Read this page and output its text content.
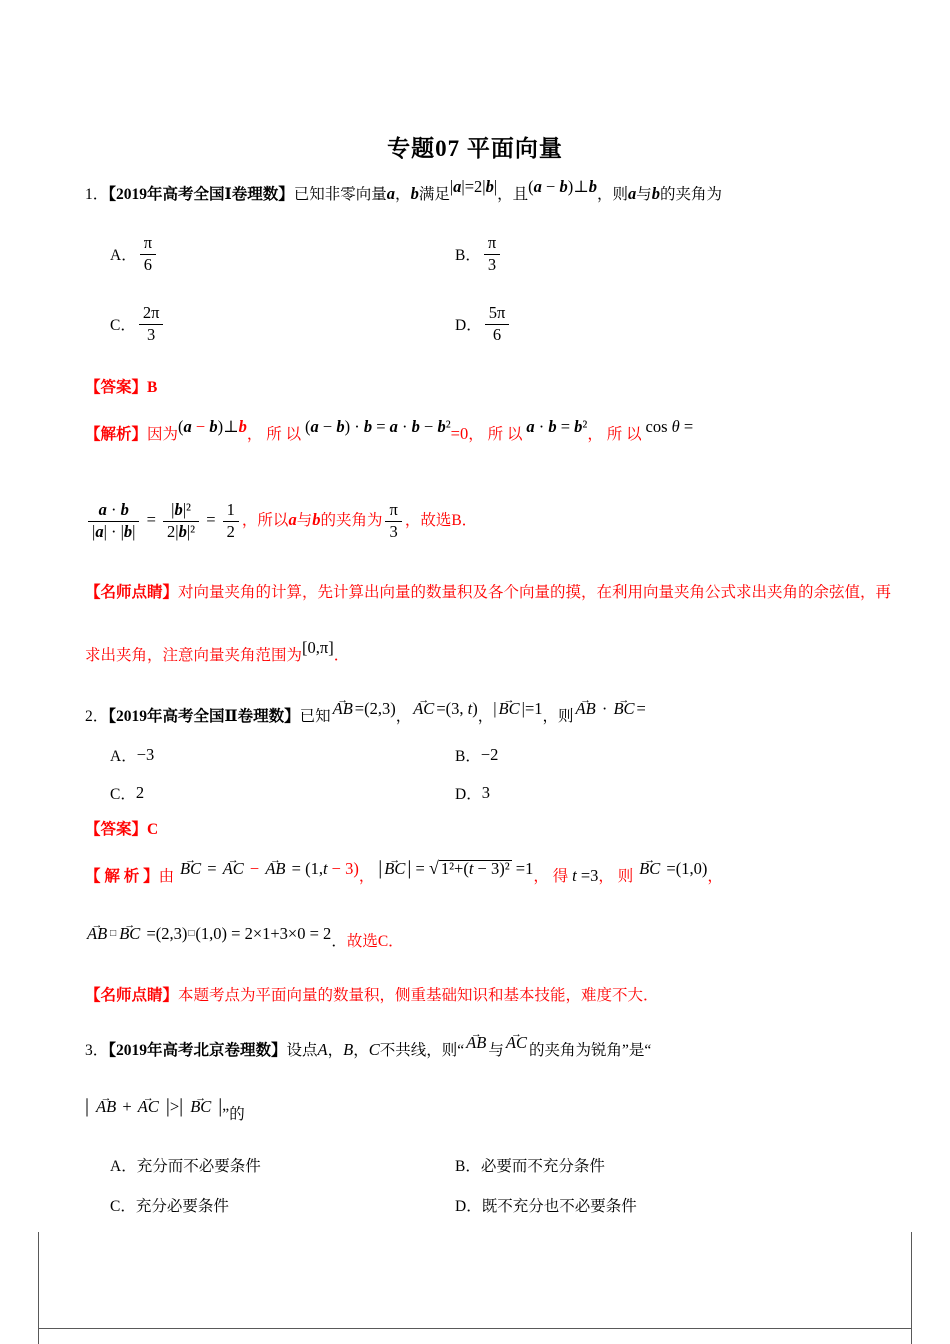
专题07 平面向量
1．【2019年高考全国Ⅰ卷理数】已知非零向量a，b满足|a|=2|b|，且(a − b)⊥b，则a与b的夹角为
A． $\frac{\pi}{6}$	B． $\frac{\pi}{3}$
C． $\frac{2\pi}{3}$	D． $\frac{5\pi}{6}$
【答案】B
【解析】因为(a − b)⊥b， 所 以 (a − b) · b = a · b − b²=0， 所 以 a · b = b²， 所 以 cos θ =
$\frac{a \cdot b}{|a| \cdot |b|} = \frac{\text{|b|²}}{\text{2|b|²}} = \frac{1}{2}$ ，所以a与b的夹角为 $\frac{\pi}{3}$ ，故选B．
【名师点睛】对向量夹角的计算，先计算出向量的数量积及各个向量的摸，在利用向量夹角公式求出夹角的余弦值，再求出夹角，注意向量夹角范围为[0,π]．
2．【2019年高考全国Ⅱ卷理数】已知 → AB =(2,3)， → AC =(3, t)，| → BC |=1，则 → AB · → BC =
A． −3	B． −2
C． 2	D． 3
【答案】C
【 解 析 】由 → BC = → AC − → AB = (1,t − 3)， | → BC | = √ 1²+(t − 3)² =1， 得 t =3， 则 → BC =(1,0)，
→ AB □ → BC =(2,3)□(1,0) = 2×1+3×0 = 2．故选C．
【名师点睛】本题考点为平面向量的数量积，侧重基础知识和基本技能，难度不大．
3．【2019年高考北京卷理数】设点A，B，C不共线，则“ → AB 与 → AC 的夹角为锐角”是“
| → AB + → AC |>| → BC |”的
A．充分而不必要条件	B．必要而不充分条件
C．充分必要条件	D．既不充分也不必要条件
